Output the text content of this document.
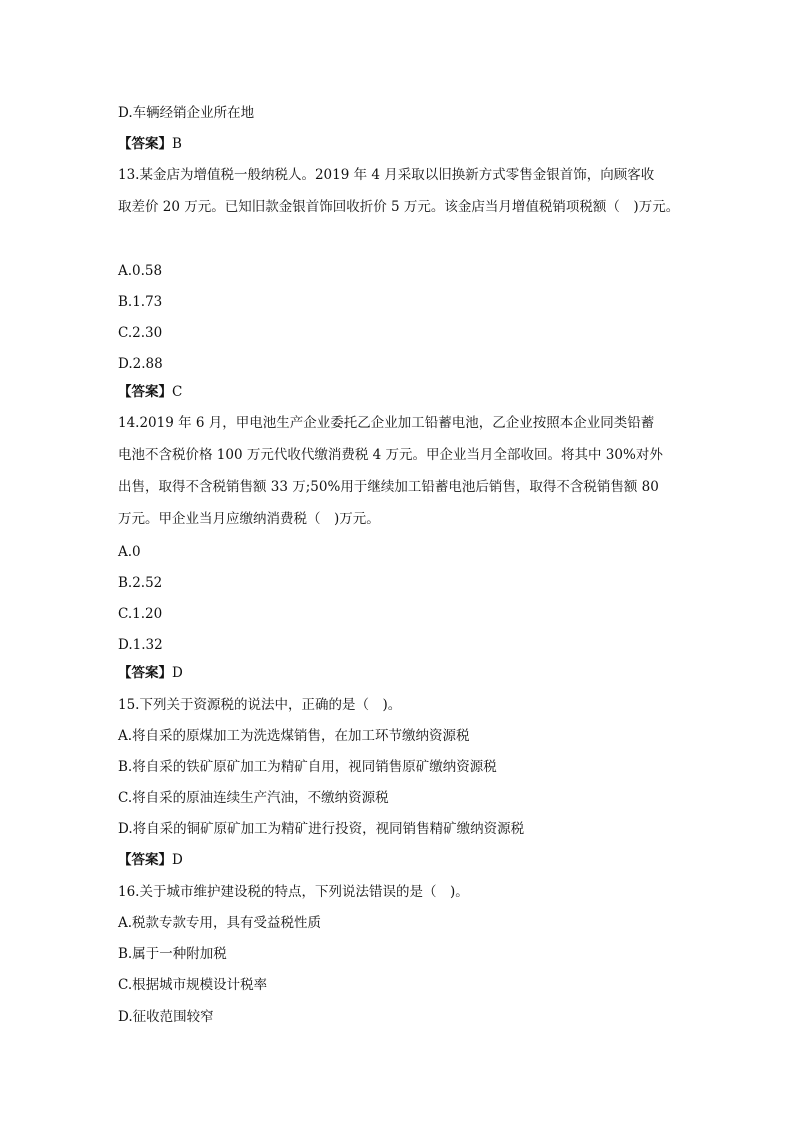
D.车辆经销企业所在地
【答案】B
13.某金店为增值税一般纳税人。2019 年 4 月采取以旧换新方式零售金银首饰，向顾客收
取差价 20 万元。已知旧款金银首饰回收折价 5 万元。该金店当月增值税销项税额（　)万元。
A.0.58
B.1.73
C.2.30
D.2.88
【答案】C
14.2019 年 6 月，甲电池生产企业委托乙企业加工铅蓄电池，乙企业按照本企业同类铅蓄
电池不含税价格 100 万元代收代缴消费税 4 万元。甲企业当月全部收回。将其中 30%对外
出售，取得不含税销售额 33 万;50%用于继续加工铅蓄电池后销售，取得不含税销售额 80
万元。甲企业当月应缴纳消费税（　)万元。
A.0
B.2.52
C.1.20
D.1.32
【答案】D
15.下列关于资源税的说法中，正确的是（　)。
A.将自采的原煤加工为洗选煤销售，在加工环节缴纳资源税
B.将自采的铁矿原矿加工为精矿自用，视同销售原矿缴纳资源税
C.将自采的原油连续生产汽油，不缴纳资源税
D.将自采的铜矿原矿加工为精矿进行投资，视同销售精矿缴纳资源税
【答案】D
16.关于城市维护建设税的特点，下列说法错误的是（　)。
A.税款专款专用，具有受益税性质
B.属于一种附加税
C.根据城市规模设计税率
D.征收范围较窄
